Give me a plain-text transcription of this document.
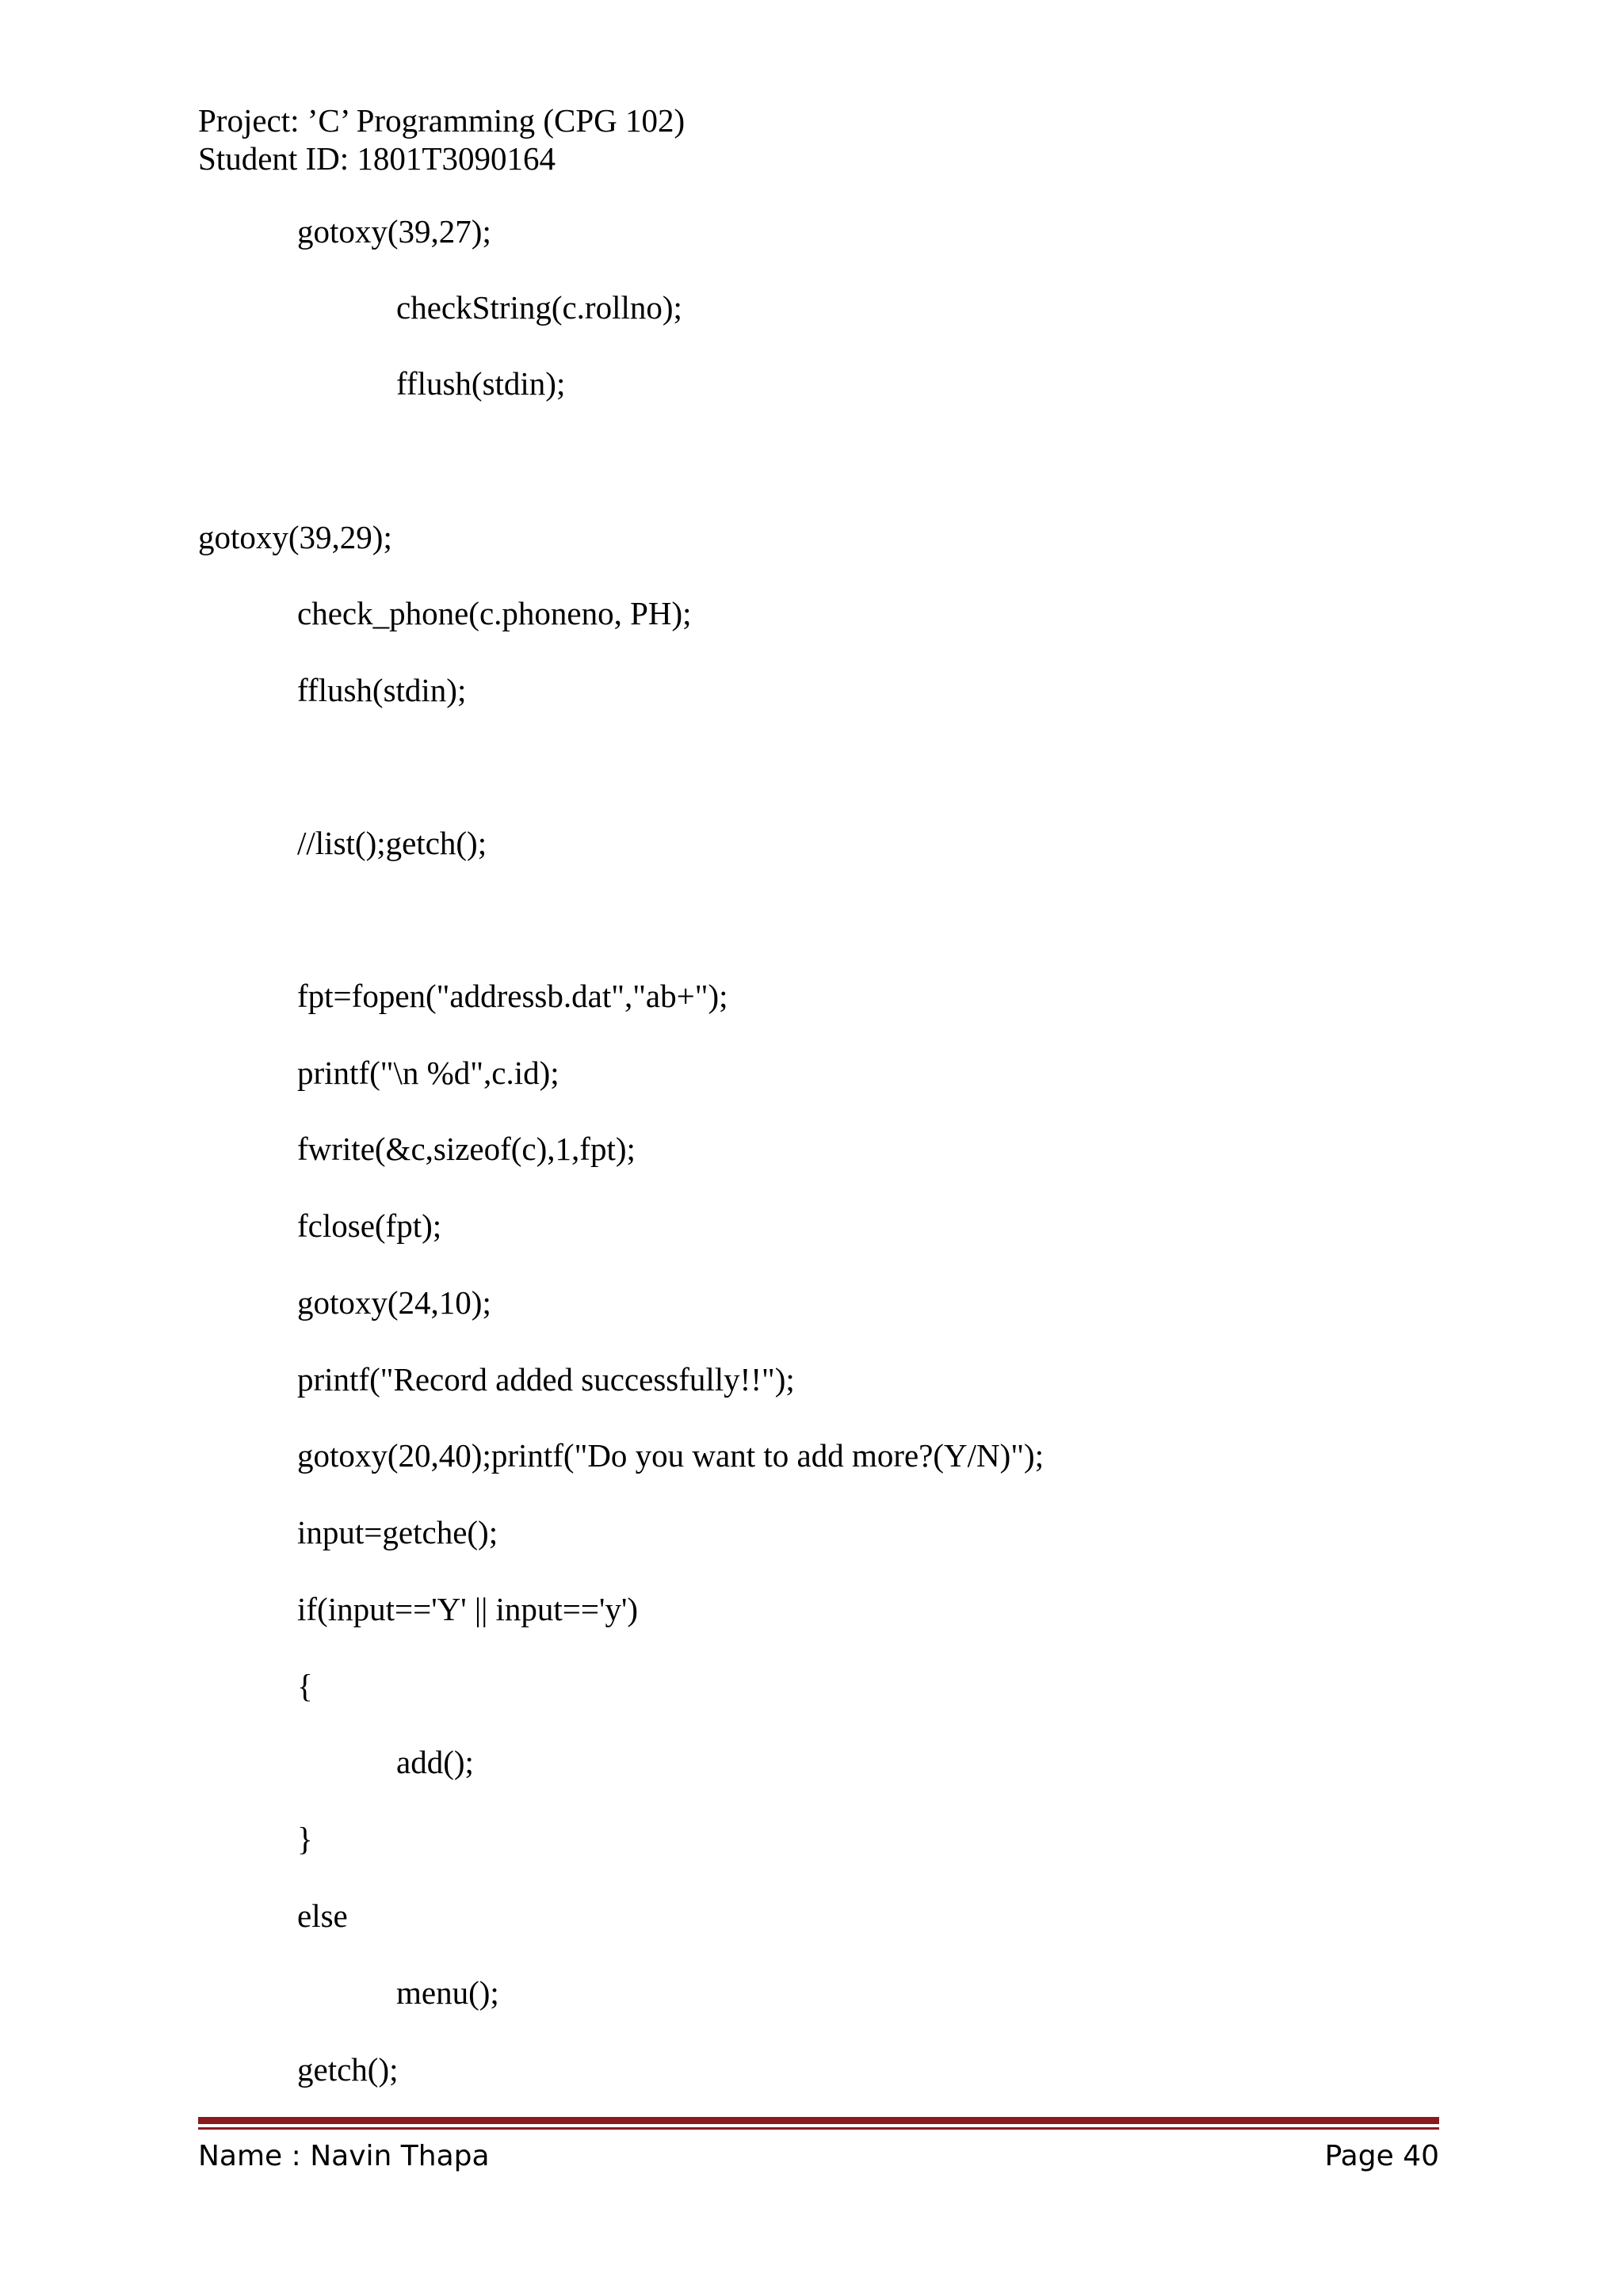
Project: ’C’ Programming (CPG 102)
Student ID: 1801T3090164
gotoxy(39,27);
checkString(c.rollno);
fflush(stdin);
gotoxy(39,29);
check_phone(c.phoneno, PH);
fflush(stdin);
//list();getch();
fpt=fopen("addressb.dat","ab+");
printf("\n %d",c.id);
fwrite(&c,sizeof(c),1,fpt);
fclose(fpt);
gotoxy(24,10);
printf("Record added successfully!!");
gotoxy(20,40);printf("Do you want to add more?(Y/N)");
input=getche();
if(input=='Y' || input=='y')
{
add();
}
else
menu();
getch();
Name : Navin Thapa	Page 40
